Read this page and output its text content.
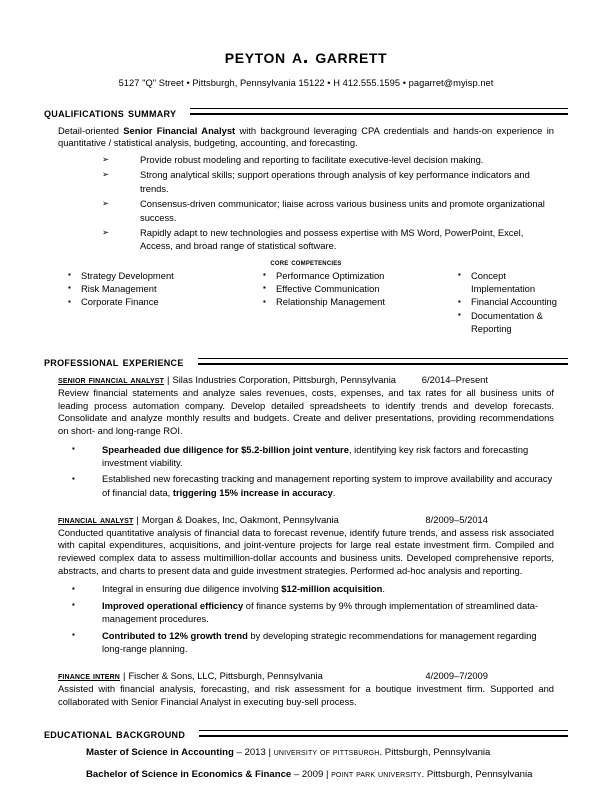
peyton a. garrett
5127 "Q" Street • Pittsburgh, Pennsylvania 15122 • H 412.555.1595 • pagarret@myisp.net
qualifications summary

Detail-oriented Senior Financial Analyst with background leveraging CPA credentials and hands-on experience in quantitative / statistical analysis, budgeting, accounting, and forecasting.

➢	Provide robust modeling and reporting to facilitate executive-level decision making.
➢	Strong analytical skills; support operations through analysis of key performance indicators and trends.
➢	Consensus-driven communicator; liaise across various business units and promote organizational success.
➢	Rapidly adapt to new technologies and possess expertise with MS Word, PowerPoint, Excel, Access, and broad range of statistical software.
core competencies
▪ Strategy Development
▪ Risk Management
▪ Corporate Finance
▪ Performance Optimization
▪ Effective Communication
▪ Relationship Management
▪ Concept Implementation
▪ Financial Accounting
▪ Documentation & Reporting
professional experience
senior financial analyst | Silas Industries Corporation, Pittsburgh, Pennsylvania	6/2014–Present

Review financial statements and analyze sales revenues, costs, expenses, and tax rates for all business units of leading process automation company. Develop detailed spreadsheets to identify trends and develop forecasts. Consolidate and analyze monthly results and budgets. Create and deliver presentations, providing recommendations on short- and long-range ROI.

▪ Spearheaded due diligence for $5.2-billion joint venture, identifying key risk factors and forecasting investment viability.
▪ Established new forecasting tracking and management reporting system to improve availability and accuracy of financial data, triggering 15% increase in accuracy.
financial analyst | Morgan & Doakes, Inc, Oakmont, Pennsylvania	8/2009–5/2014

Conducted quantitative analysis of financial data to forecast revenue, identify future trends, and assess risk associated with capital expenditures, acquisitions, and joint-venture projects for large real estate investment firm. Compiled and reviewed complex data to assess multimillion-dollar accounts and business units. Developed comprehensive reports, abstracts, and charts to present data and guide investment strategies. Performed ad-hoc analysis and reporting.

▪ Integral in ensuring due diligence involving $12-million acquisition.
▪ Improved operational efficiency of finance systems by 9% through implementation of streamlined data-management procedures.
▪ Contributed to 12% growth trend by developing strategic recommendations for management regarding long-range planning.
finance intern | Fischer & Sons, LLC, Pittsburgh, Pennsylvania	4/2009–7/2009

Assisted with financial analysis, forecasting, and risk assessment for a boutique investment firm. Supported and collaborated with Senior Financial Analyst in executing buy-sell process.

educational background
Master of Science in Accounting – 2013 | university of pittsburgh. Pittsburgh, Pennsylvania
Bachelor of Science in Economics & Finance – 2009 | point park university. Pittsburgh, Pennsylvania
